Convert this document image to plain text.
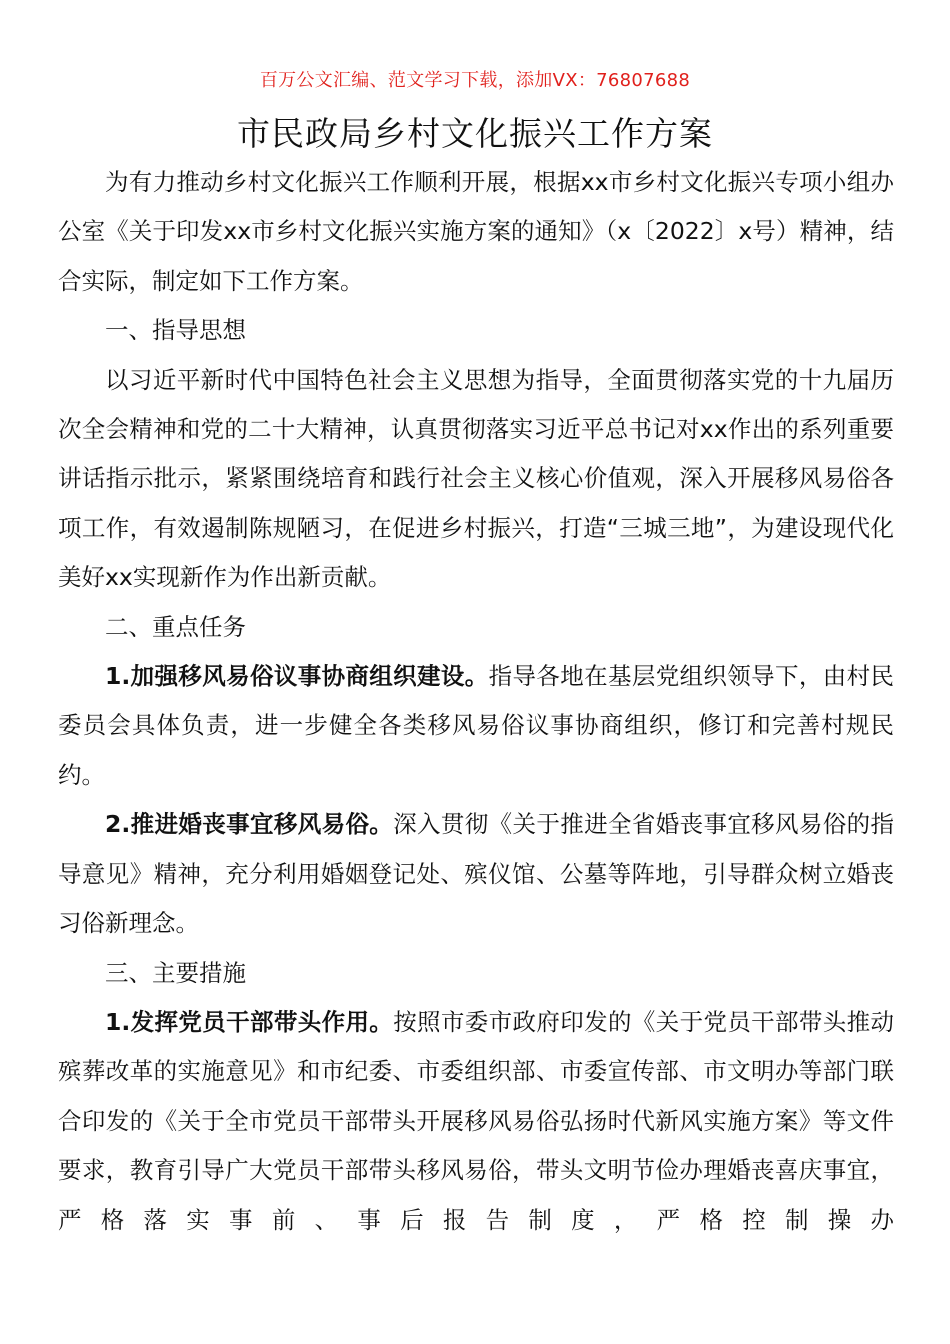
百万公文汇编、范文学习下载，添加VX：76807688
市民政局乡村文化振兴工作方案

为有力推动乡村文化振兴工作顺利开展，根据xx市乡村文化振兴专项小组办公室《关于印发xx市乡村文化振兴实施方案的通知》（x〔2022〕x号）精神，结合实际，制定如下工作方案。

一、指导思想

以习近平新时代中国特色社会主义思想为指导，全面贯彻落实党的十九届历次全会精神和党的二十大精神，认真贯彻落实习近平总书记对xx作出的系列重要讲话指示批示，紧紧围绕培育和践行社会主义核心价值观，深入开展移风易俗各项工作，有效遏制陈规陋习，在促进乡村振兴，打造“三城三地”，为建设现代化美好xx实现新作为作出新贡献。

二、重点任务

1.加强移风易俗议事协商组织建设。指导各地在基层党组织领导下，由村民委员会具体负责，进一步健全各类移风易俗议事协商组织，修订和完善村规民约。

2.推进婚丧事宜移风易俗。深入贯彻《关于推进全省婚丧事宜移风易俗的指导意见》精神，充分利用婚姻登记处、殡仪馆、公墓等阵地，引导群众树立婚丧习俗新理念。

三、主要措施

1.发挥党员干部带头作用。按照市委市政府印发的《关于党员干部带头推动殡葬改革的实施意见》和市纪委、市委组织部、市委宣传部、市文明办等部门联合印发的《关于全市党员干部带头开展移风易俗弘扬时代新风实施方案》等文件要求，教育引导广大党员干部带头移风易俗，带头文明节俭办理婚丧喜庆事宜，严格落实事前、事后报告制度，严格控制操办
